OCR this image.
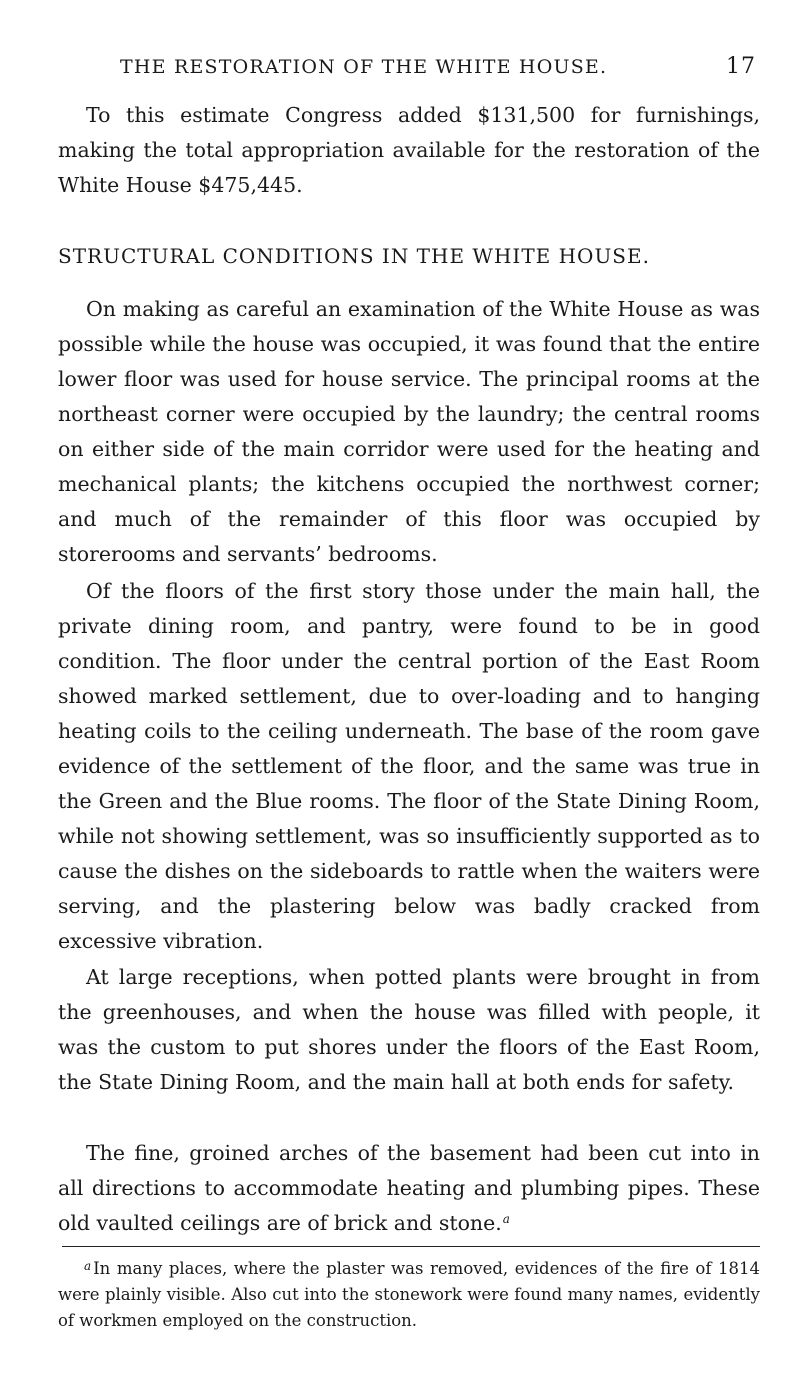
THE RESTORATION OF THE WHITE HOUSE.	17

To this estimate Congress added $131,500 for furnishings, making the total appropriation available for the restoration of the White House $475,445.

STRUCTURAL CONDITIONS IN THE WHITE HOUSE.

On making as careful an examination of the White House as was possible while the house was occupied, it was found that the entire lower floor was used for house service. The principal rooms at the northeast corner were occupied by the laundry; the central rooms on either side of the main corridor were used for the heating and mechanical plants; the kitchens occupied the northwest corner; and much of the remainder of this floor was occupied by storerooms and servants’ bedrooms.

Of the floors of the first story those under the main hall, the private dining room, and pantry, were found to be in good condition. The floor under the central portion of the East Room showed marked settlement, due to over-loading and to hanging heating coils to the ceiling underneath. The base of the room gave evidence of the settlement of the floor, and the same was true in the Green and the Blue rooms. The floor of the State Dining Room, while not showing settlement, was so insufficiently supported as to cause the dishes on the sideboards to rattle when the waiters were serving, and the plastering below was badly cracked from excessive vibration.

At large receptions, when potted plants were brought in from the greenhouses, and when the house was filled with people, it was the custom to put shores under the floors of the East Room, the State Dining Room, and the main hall at both ends for safety.

The fine, groined arches of the basement had been cut into in all directions to accommodate heating and plumbing pipes. These old vaulted ceilings are of brick and stone.$^a$

$^a$ In many places, where the plaster was removed, evidences of the fire of 1814 were plainly visible. Also cut into the stonework were found many names, evidently of workmen employed on the construction.
